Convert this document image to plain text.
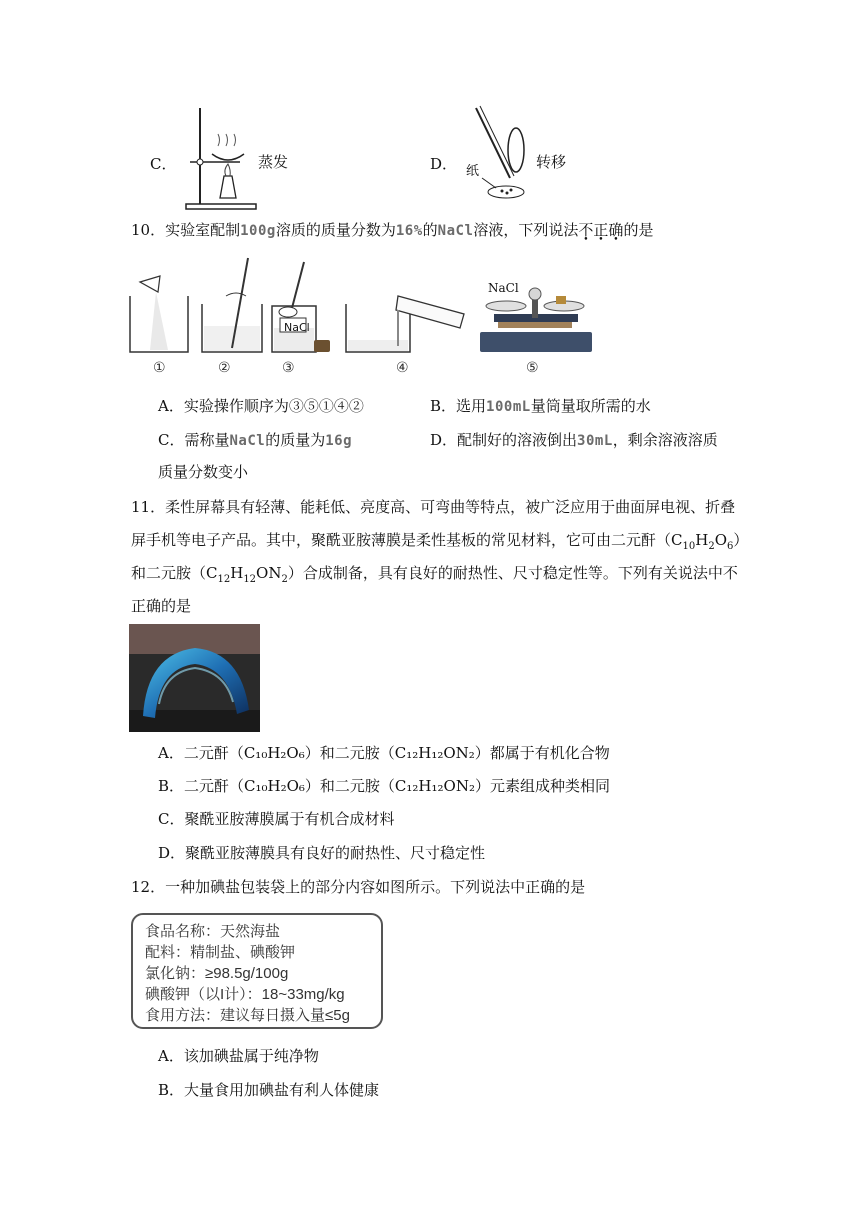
C．	蒸发	D． 纸
转移
10．实验室配制100g溶质的质量分数为16%的NaCl溶液，下列说法不正确的是
NaCl
NaCl
①	②	③	④	⑤
A．实验操作顺序为③⑤①④②	B．选用100mL量筒量取所需的水
C．需称量NaCl的质量为16g	D．配制好的溶液倒出30mL，剩余溶液溶质
质量分数变小
11．柔性屏幕具有轻薄、能耗低、亮度高、可弯曲等特点，被广泛应用于曲面屏电视、折叠
屏手机等电子产品。其中，聚酰亚胺薄膜是柔性基板的常见材料，它可由二元酐$(C_{10}H_2O_6)$
和二元胺$(C_{12}H_{12}ON_2)$合成制备，具有良好的耐热性、尺寸稳定性等。下列有关说法中不
正确的是
A．二元酐（C₁₀H₂O₆）和二元胺（C₁₂H₁₂ON₂）都属于有机化合物
B．二元酐（C₁₀H₂O₆）和二元胺（C₁₂H₁₂ON₂）元素组成种类相同
C．聚酰亚胺薄膜属于有机合成材料
D．聚酰亚胺薄膜具有良好的耐热性、尺寸稳定性
12．一种加碘盐包装袋上的部分内容如图所示。下列说法中正确的是
食品名称：天然海盐
配料：精制盐、碘酸钾
氯化钠：≥98.5g/100g
碘酸钾（以I计）：18~33mg/kg
食用方法：建议每日摄入量≤5g
A．该加碘盐属于纯净物
B．大量食用加碘盐有利人体健康
